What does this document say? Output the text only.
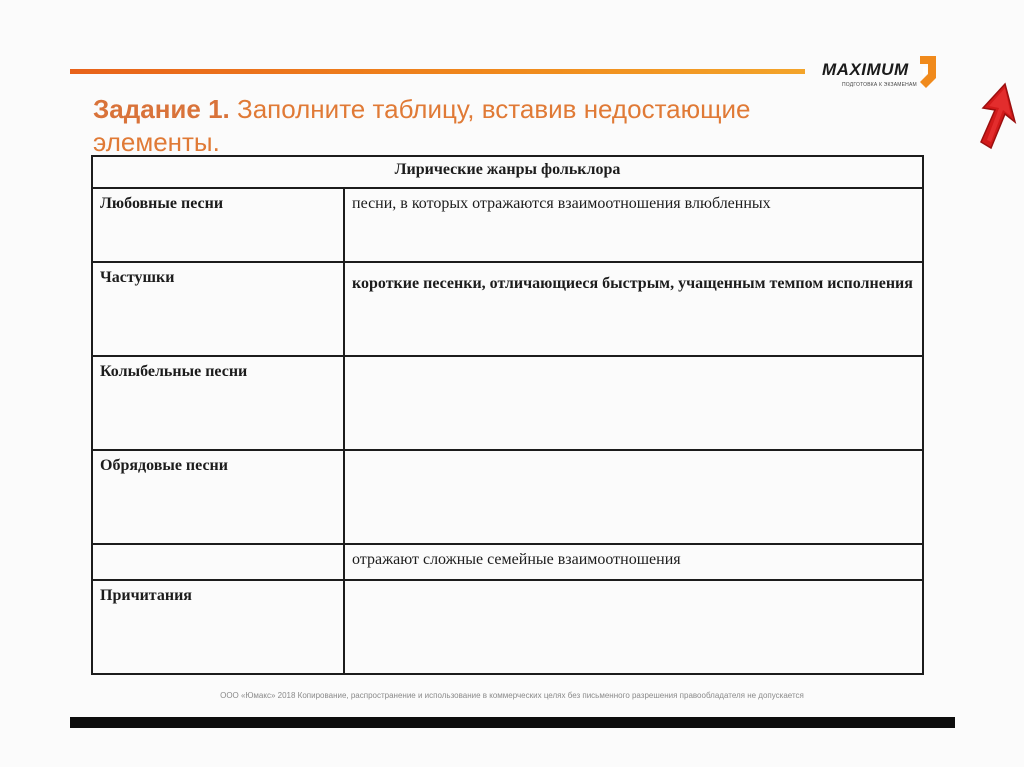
MAXIMUM
ПОДГОТОВКА К ЭКЗАМЕНАМ
Задание 1. Заполните таблицу, вставив недостающие элементы.
Лирические жанры фольклора	
Любовные песни	песни, в которых отражаются взаимоотношения влюбленных
Частушки	короткие песенки, отличающиеся быстрым, учащенным темпом исполнения
Колыбельные песни	
Обрядовые песни	
	отражают сложные семейные взаимоотношения
Причитания	
ООО «Юмакс» 2018 Копирование, распространение и использование в коммерческих целях без письменного разрешения правообладателя не допускается
